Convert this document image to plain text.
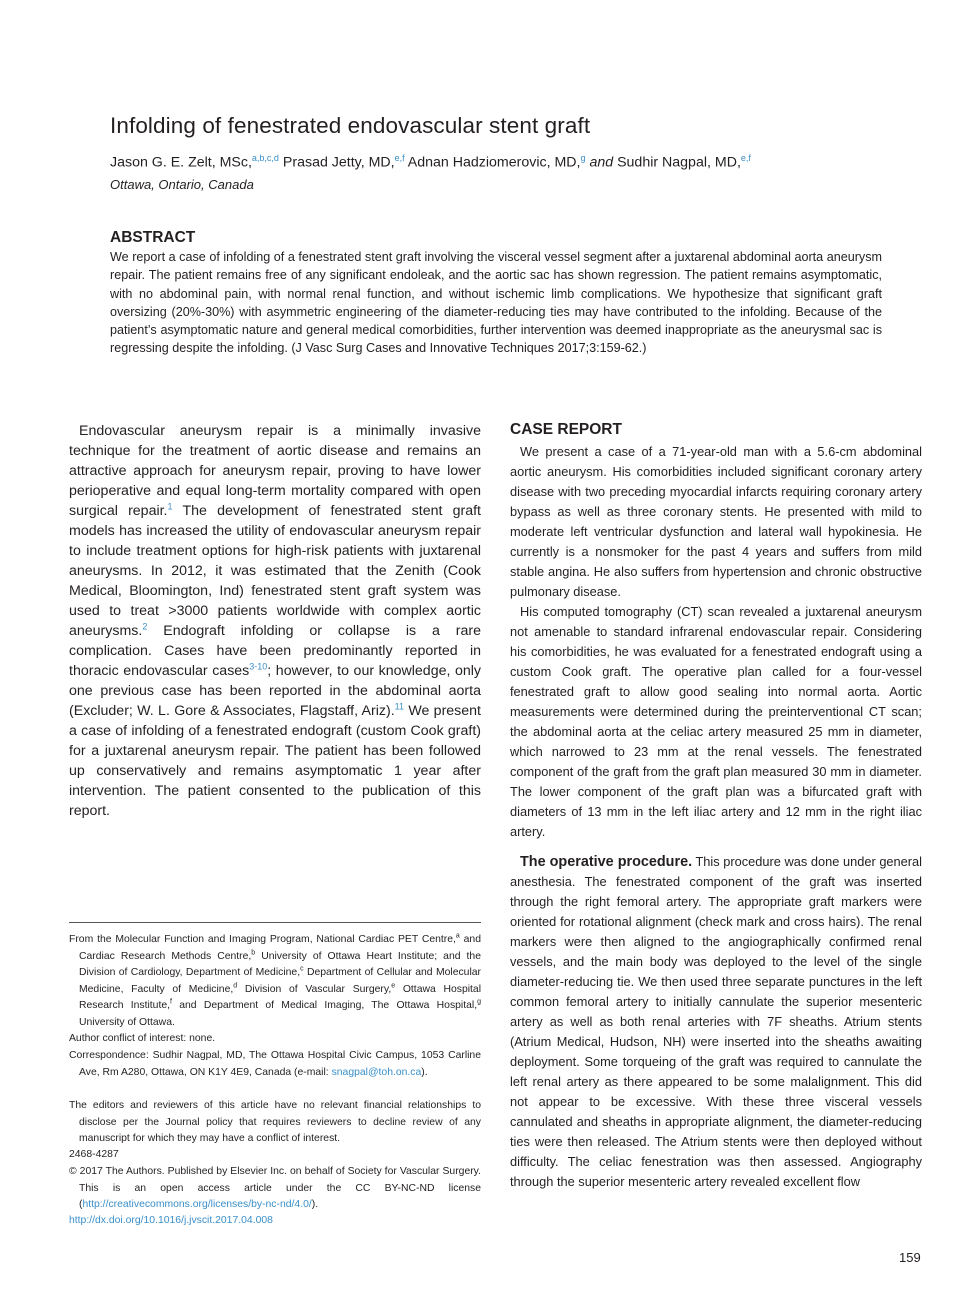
Infolding of fenestrated endovascular stent graft
Jason G. E. Zelt, MSc,$^{a,b,c,d}$ Prasad Jetty, MD,$^{e,f}$ Adnan Hadziomerovic, MD,$^g$ and Sudhir Nagpal, MD,$^{e,f}$
Ottawa, Ontario, Canada
ABSTRACT

We report a case of infolding of a fenestrated stent graft involving the visceral vessel segment after a juxtarenal abdominal aorta aneurysm repair. The patient remains free of any significant endoleak, and the aortic sac has shown regression. The patient remains asymptomatic, with no abdominal pain, with normal renal function, and without ischemic limb complications. We hypothesize that significant graft oversizing (20%-30%) with asymmetric engineering of the diameter-reducing ties may have contributed to the infolding. Because of the patient’s asymptomatic nature and general medical comorbidities, further intervention was deemed inappropriate as the aneurysmal sac is regressing despite the infolding. (J Vasc Surg Cases and Innovative Techniques 2017;3:159-62.)

Endovascular aneurysm repair is a minimally invasive technique for the treatment of aortic disease and remains an attractive approach for aneurysm repair, proving to have lower perioperative and equal long-term mortality compared with open surgical repair.$^1$ The development of fenestrated stent graft models has increased the utility of endovascular aneurysm repair to include treatment options for high-risk patients with juxtarenal aneurysms. In 2012, it was estimated that the Zenith (Cook Medical, Bloomington, Ind) fenestrated stent graft system was used to treat >3000 patients worldwide with complex aortic aneurysms.$^2$ Endograft infolding or collapse is a rare complication. Cases have been predominantly reported in thoracic endovascular cases$^{3-10}$; however, to our knowledge, only one previous case has been reported in the abdominal aorta (Excluder; W. L. Gore & Associates, Flagstaff, Ariz).$^{11}$ We present a case of infolding of a fenestrated endograft (custom Cook graft) for a juxtarenal aneurysm repair. The patient has been followed up conservatively and remains asymptomatic 1 year after intervention. The patient consented to the publication of this report.

From the Molecular Function and Imaging Program, National Cardiac PET Centre,$^a$ and Cardiac Research Methods Centre,$^b$ University of Ottawa Heart Institute; and the Division of Cardiology, Department of Medicine,$^c$ Department of Cellular and Molecular Medicine, Faculty of Medicine,$^d$ Division of Vascular Surgery,$^e$ Ottawa Hospital Research Institute,$^f$ and Department of Medical Imaging, The Ottawa Hospital,$^g$ University of Ottawa.

Author conflict of interest: none.

Correspondence: Sudhir Nagpal, MD, The Ottawa Hospital Civic Campus, 1053 Carline Ave, Rm A280, Ottawa, ON K1Y 4E9, Canada (e-mail: snagpal@toh.on.ca).

The editors and reviewers of this article have no relevant financial relationships to disclose per the Journal policy that requires reviewers to decline review of any manuscript for which they may have a conflict of interest.

2468-4287

© 2017 The Authors. Published by Elsevier Inc. on behalf of Society for Vascular Surgery. This is an open access article under the CC BY-NC-ND license (http://creativecommons.org/licenses/by-nc-nd/4.0/).

http://dx.doi.org/10.1016/j.jvscit.2017.04.008

CASE REPORT

We present a case of a 71-year-old man with a 5.6-cm abdominal aortic aneurysm. His comorbidities included significant coronary artery disease with two preceding myocardial infarcts requiring coronary artery bypass as well as three coronary stents. He presented with mild to moderate left ventricular dysfunction and lateral wall hypokinesia. He currently is a nonsmoker for the past 4 years and suffers from mild stable angina. He also suffers from hypertension and chronic obstructive pulmonary disease.

His computed tomography (CT) scan revealed a juxtarenal aneurysm not amenable to standard infrarenal endovascular repair. Considering his comorbidities, he was evaluated for a fenestrated endograft using a custom Cook graft. The operative plan called for a four-vessel fenestrated graft to allow good sealing into normal aorta. Aortic measurements were determined during the preinterventional CT scan; the abdominal aorta at the celiac artery measured 25 mm in diameter, which narrowed to 23 mm at the renal vessels. The fenestrated component of the graft from the graft plan measured 30 mm in diameter. The lower component of the graft plan was a bifurcated graft with diameters of 13 mm in the left iliac artery and 12 mm in the right iliac artery.

The operative procedure. This procedure was done under general anesthesia. The fenestrated component of the graft was inserted through the right femoral artery. The appropriate graft markers were oriented for rotational alignment (check mark and cross hairs). The renal markers were then aligned to the angiographically confirmed renal vessels, and the main body was deployed to the level of the single diameter-reducing tie. We then used three separate punctures in the left common femoral artery to initially cannulate the superior mesenteric artery as well as both renal arteries with 7F sheaths. Atrium stents (Atrium Medical, Hudson, NH) were inserted into the sheaths awaiting deployment. Some torqueing of the graft was required to cannulate the left renal artery as there appeared to be some malalignment. This did not appear to be excessive. With these three visceral vessels cannulated and sheaths in appropriate alignment, the diameter-reducing ties were then released. The Atrium stents were then deployed without difficulty. The celiac fenestration was then assessed. Angiography through the superior mesenteric artery revealed excellent flow

159
